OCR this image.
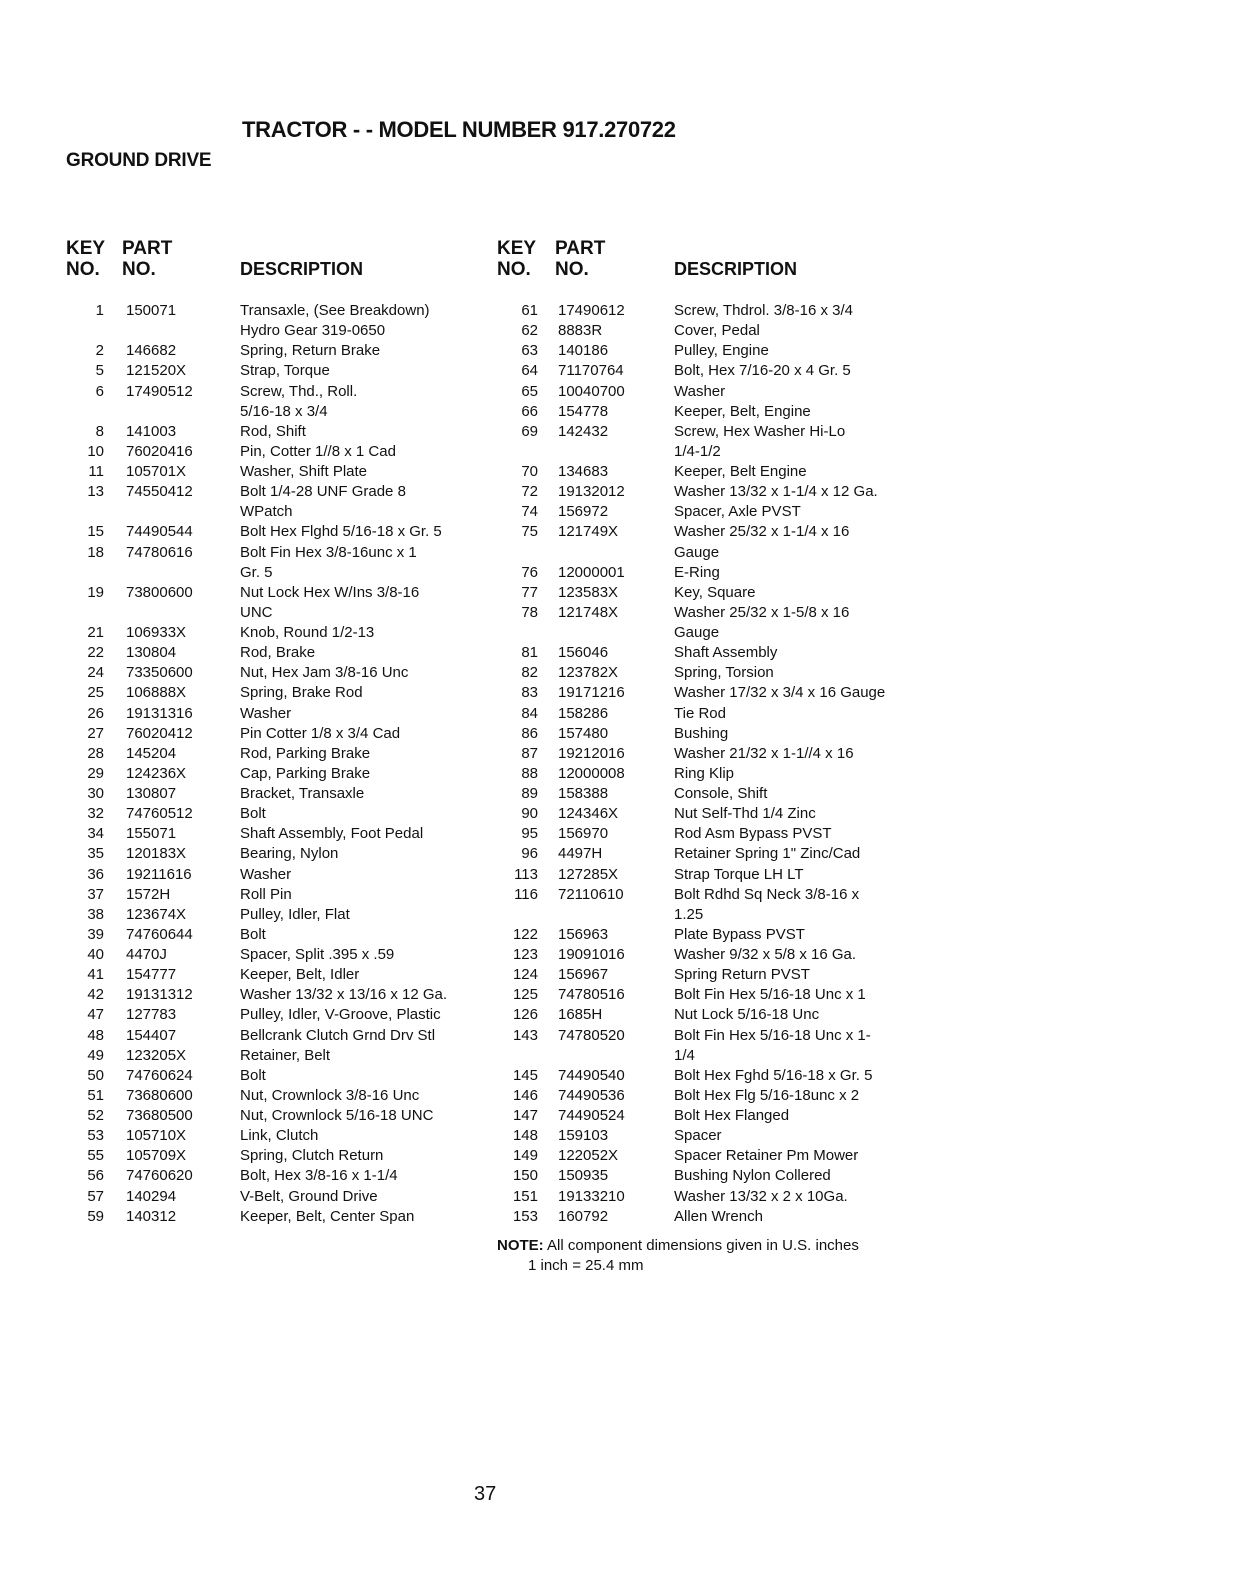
TRACTOR - - MODEL NUMBER 917.270722
GROUND DRIVE
KEY
NO.
PART
NO.	DESCRIPTION
KEY
NO.
PART
NO.	DESCRIPTION
1 150071	Transaxle, (See Breakdown)
Hydro Gear 319-0650
2 146682	Spring, Return Brake
5 121520X	Strap, Torque
6 17490512	Screw, Thd., Roll.
5/16-18 x 3/4
8 141003	Rod, Shift
10 76020416	Pin, Cotter 1//8 x 1 Cad
11 105701X	Washer, Shift Plate
13 74550412	Bolt 1/4-28 UNF Grade 8
WPatch
15 74490544	Bolt Hex Flghd 5/16-18 x Gr. 5
18 74780616	Bolt Fin Hex 3/8-16unc x 1
Gr. 5
19 73800600	Nut Lock Hex W/Ins 3/8-16
UNC
21 106933X	Knob, Round 1/2-13
22 130804	Rod, Brake
24 73350600	Nut, Hex Jam 3/8-16 Unc
25 106888X	Spring, Brake Rod
26 19131316	Washer
27 76020412	Pin Cotter 1/8 x 3/4 Cad
28 145204	Rod, Parking Brake
29 124236X	Cap, Parking Brake
30 130807	Bracket, Transaxle
32 74760512	Bolt
34 155071	Shaft Assembly, Foot Pedal
35 120183X	Bearing, Nylon
36 19211616	Washer
37 1572H	Roll Pin
38 123674X	Pulley, Idler, Flat
39 74760644	Bolt
40 4470J	Spacer, Split .395 x .59
41 154777	Keeper, Belt, Idler
42 19131312	Washer 13/32 x 13/16 x 12 Ga.
47 127783	Pulley, Idler, V-Groove, Plastic
48 154407	Bellcrank Clutch Grnd Drv Stl
49 123205X	Retainer, Belt
50 74760624	Bolt
51 73680600	Nut, Crownlock 3/8-16 Unc
52 73680500	Nut, Crownlock 5/16-18 UNC
53 105710X	Link, Clutch
55 105709X	Spring, Clutch Return
56 74760620	Bolt, Hex 3/8-16 x 1-1/4
57 140294	V-Belt, Ground Drive
59 140312	Keeper, Belt, Center Span
61 17490612	Screw, Thdrol. 3/8-16 x 3/4
62 8883R	Cover, Pedal
63 140186	Pulley, Engine
64 71170764	Bolt, Hex 7/16-20 x 4 Gr. 5
65 10040700	Washer
66 154778	Keeper, Belt, Engine
69 142432	Screw, Hex Washer Hi-Lo
1/4-1/2
70 134683	Keeper, Belt Engine
72 19132012	Washer 13/32 x 1-1/4 x 12 Ga.
74 156972	Spacer, Axle PVST
75 121749X	Washer 25/32 x 1-1/4 x 16
Gauge
76 12000001	E-Ring
77 123583X	Key, Square
78 121748X	Washer 25/32 x 1-5/8 x 16
Gauge
81 156046	Shaft Assembly
82 123782X	Spring, Torsion
83 19171216	Washer 17/32 x 3/4 x 16 Gauge
84 158286	Tie Rod
86 157480	Bushing
87 19212016	Washer 21/32 x 1-1//4 x 16
88 12000008	Ring Klip
89 158388	Console, Shift
90 124346X	Nut Self-Thd 1/4 Zinc
95 156970	Rod Asm Bypass PVST
96 4497H	Retainer Spring 1" Zinc/Cad
113 127285X	Strap Torque LH LT
116 72110610	Bolt Rdhd Sq Neck 3/8-16 x
1.25
122 156963	Plate Bypass PVST
123 19091016	Washer 9/32 x 5/8 x 16 Ga.
124 156967	Spring Return PVST
125 74780516	Bolt Fin Hex 5/16-18 Unc x 1
126 1685H	Nut Lock 5/16-18 Unc
143 74780520	Bolt Fin Hex 5/16-18 Unc x 1-
1/4
145 74490540	Bolt Hex Fghd 5/16-18 x Gr. 5
146 74490536	Bolt Hex Flg 5/16-18unc x 2
147 74490524	Bolt Hex Flanged
148 159103	Spacer
149 122052X	Spacer Retainer Pm Mower
150 150935	Bushing Nylon Collered
151 19133210	Washer 13/32 x 2 x 10Ga.
153 160792	Allen Wrench
NOTE: All component dimensions given in U.S. inches
1 inch = 25.4 mm
37
